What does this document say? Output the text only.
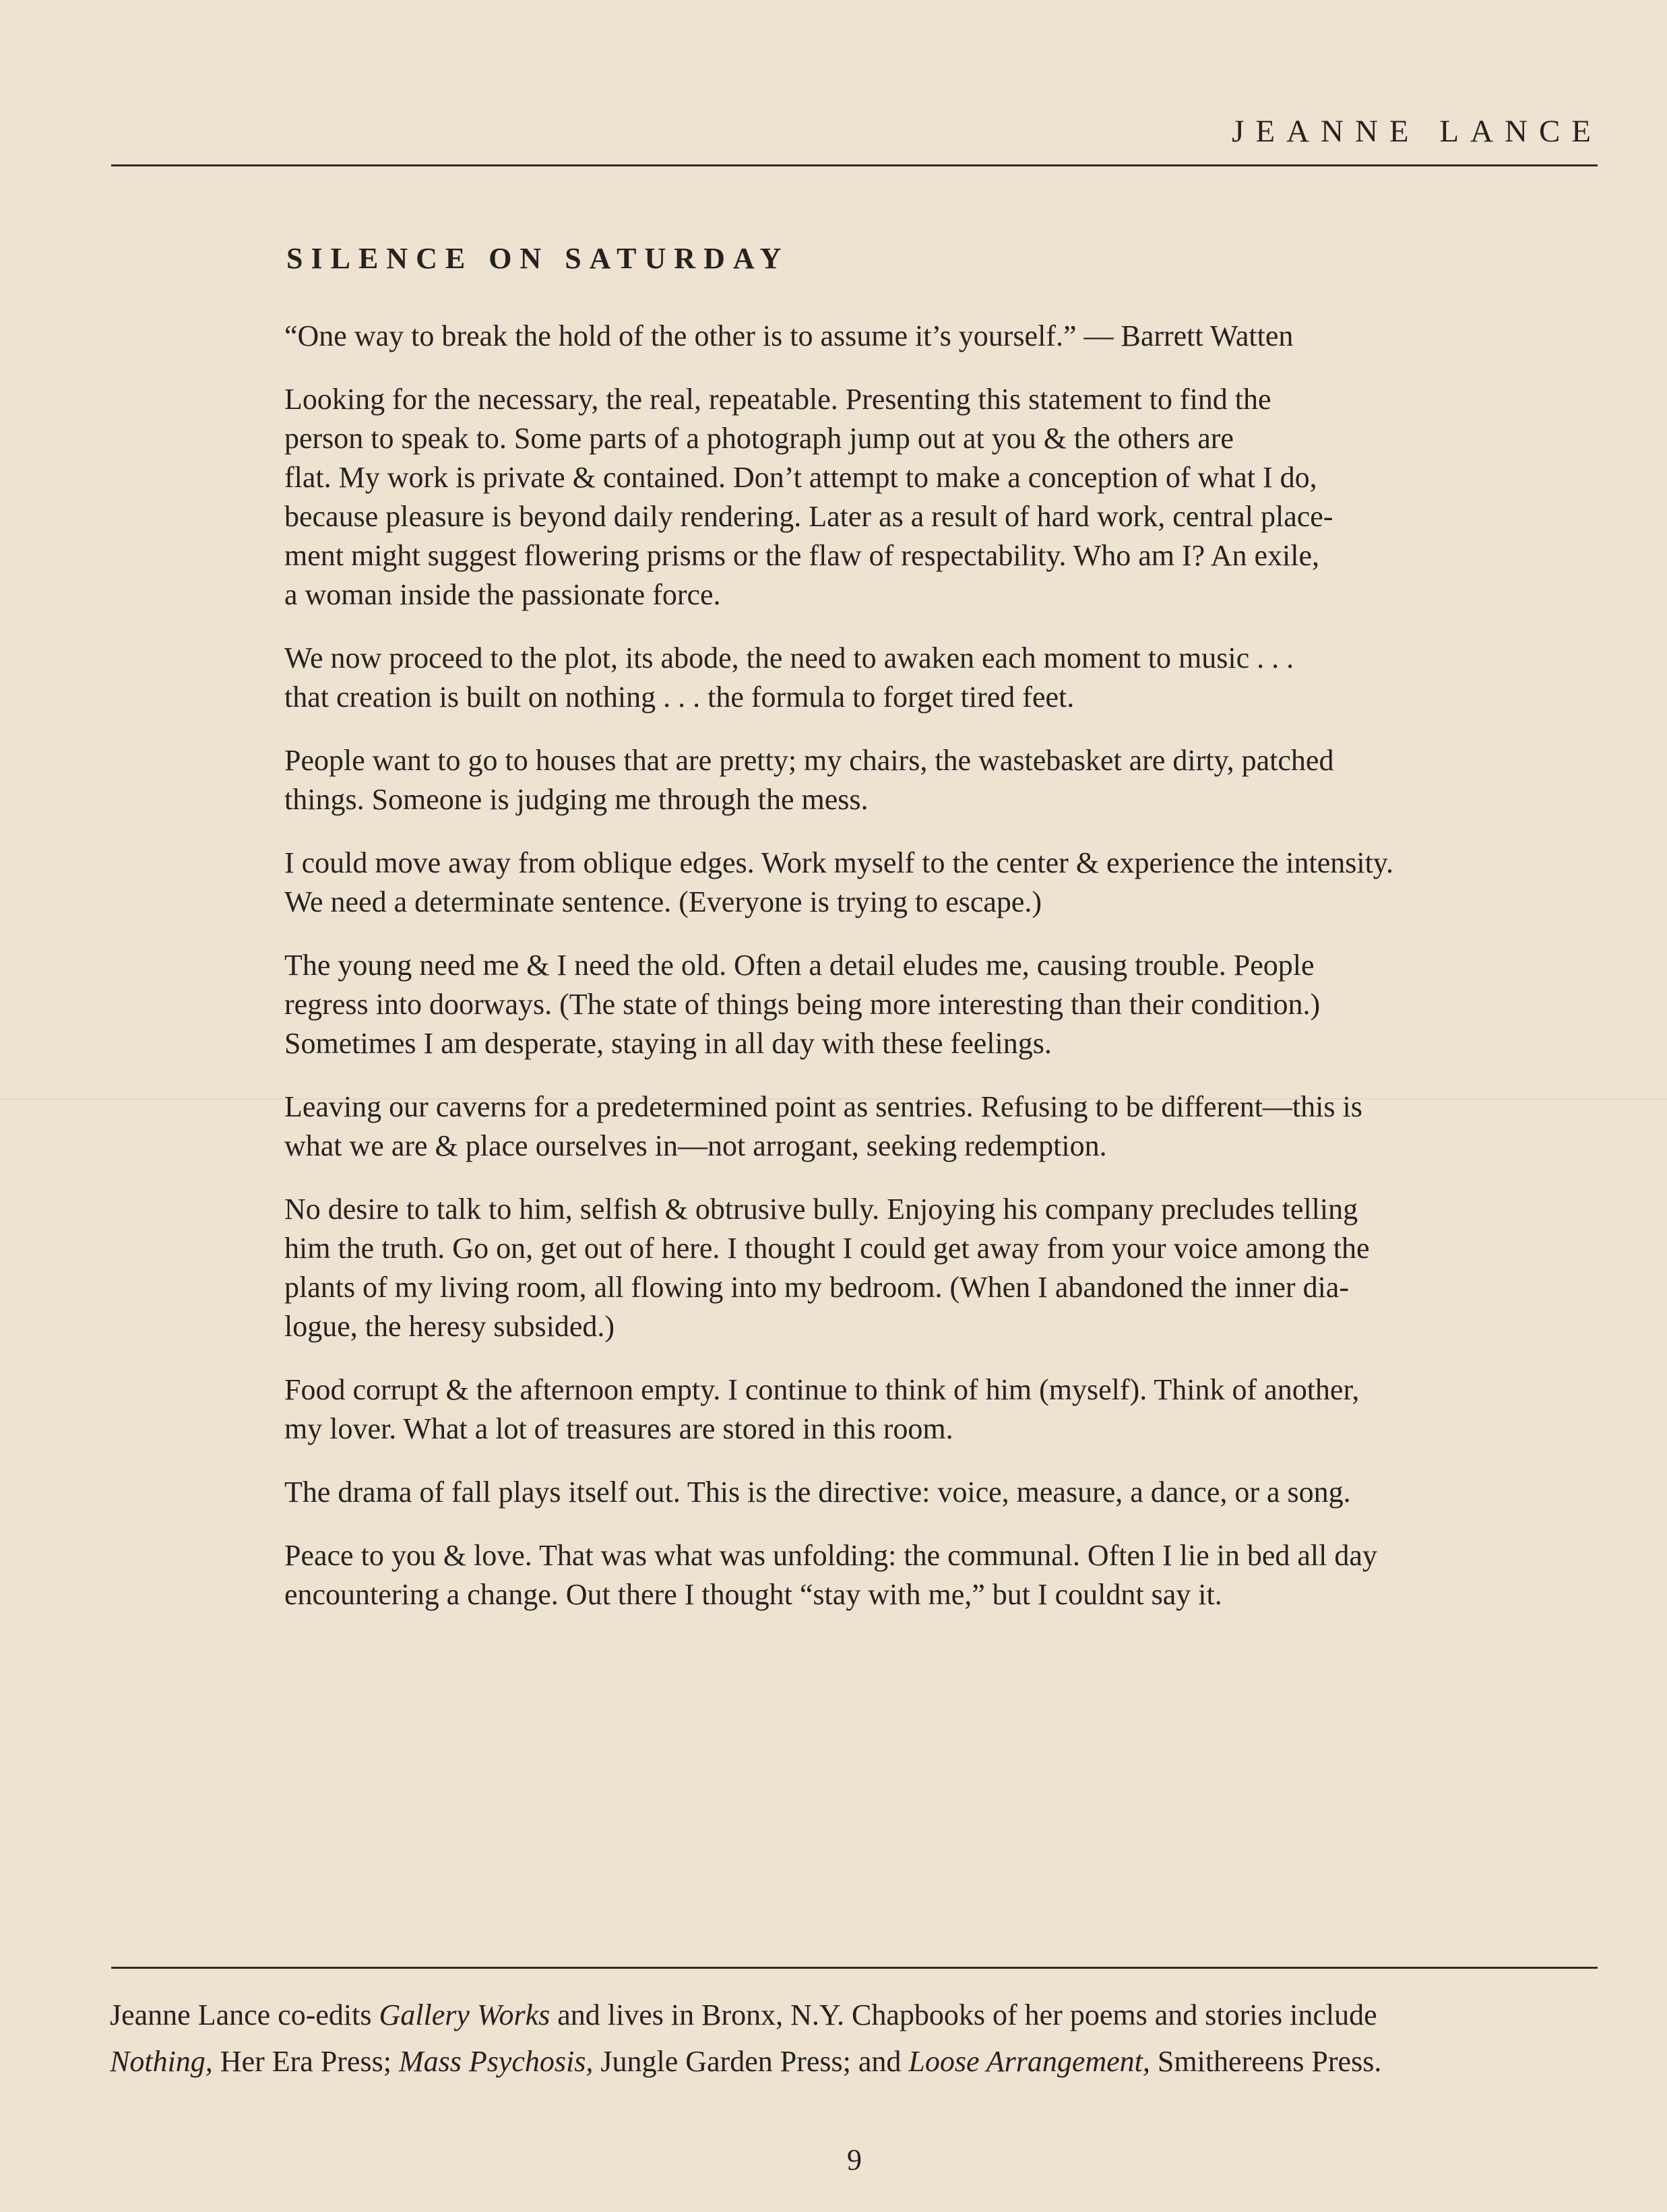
JEANNE LANCE
SILENCE ON SATURDAY
“One way to break the hold of the other is to assume it’s yourself.” — Barrett Watten
Looking for the necessary, the real, repeatable. Presenting this statement to find the
person to speak to. Some parts of a photograph jump out at you & the others are
flat. My work is private & contained. Don’t attempt to make a conception of what I do,
because pleasure is beyond daily rendering. Later as a result of hard work, central place-
ment might suggest flowering prisms or the flaw of respectability. Who am I? An exile,
a woman inside the passionate force.
We now proceed to the plot, its abode, the need to awaken each moment to music . . .
that creation is built on nothing . . . the formula to forget tired feet.
People want to go to houses that are pretty; my chairs, the wastebasket are dirty, patched
things. Someone is judging me through the mess.
I could move away from oblique edges. Work myself to the center & experience the intensity.
We need a determinate sentence. (Everyone is trying to escape.)
The young need me & I need the old. Often a detail eludes me, causing trouble. People
regress into doorways. (The state of things being more interesting than their condition.)
Sometimes I am desperate, staying in all day with these feelings.
Leaving our caverns for a predetermined point as sentries. Refusing to be different—this is
what we are & place ourselves in—not arrogant, seeking redemption.
No desire to talk to him, selfish & obtrusive bully. Enjoying his company precludes telling
him the truth. Go on, get out of here. I thought I could get away from your voice among the
plants of my living room, all flowing into my bedroom. (When I abandoned the inner dia-
logue, the heresy subsided.)
Food corrupt & the afternoon empty. I continue to think of him (myself). Think of another,
my lover. What a lot of treasures are stored in this room.
The drama of fall plays itself out. This is the directive: voice, measure, a dance, or a song.
Peace to you & love. That was what was unfolding: the communal. Often I lie in bed all day
encountering a change. Out there I thought “stay with me,” but I couldnt say it.
Jeanne Lance co-edits Gallery Works and lives in Bronx, N.Y. Chapbooks of her poems and stories include
Nothing, Her Era Press; Mass Psychosis, Jungle Garden Press; and Loose Arrangement, Smithereens Press.
9
